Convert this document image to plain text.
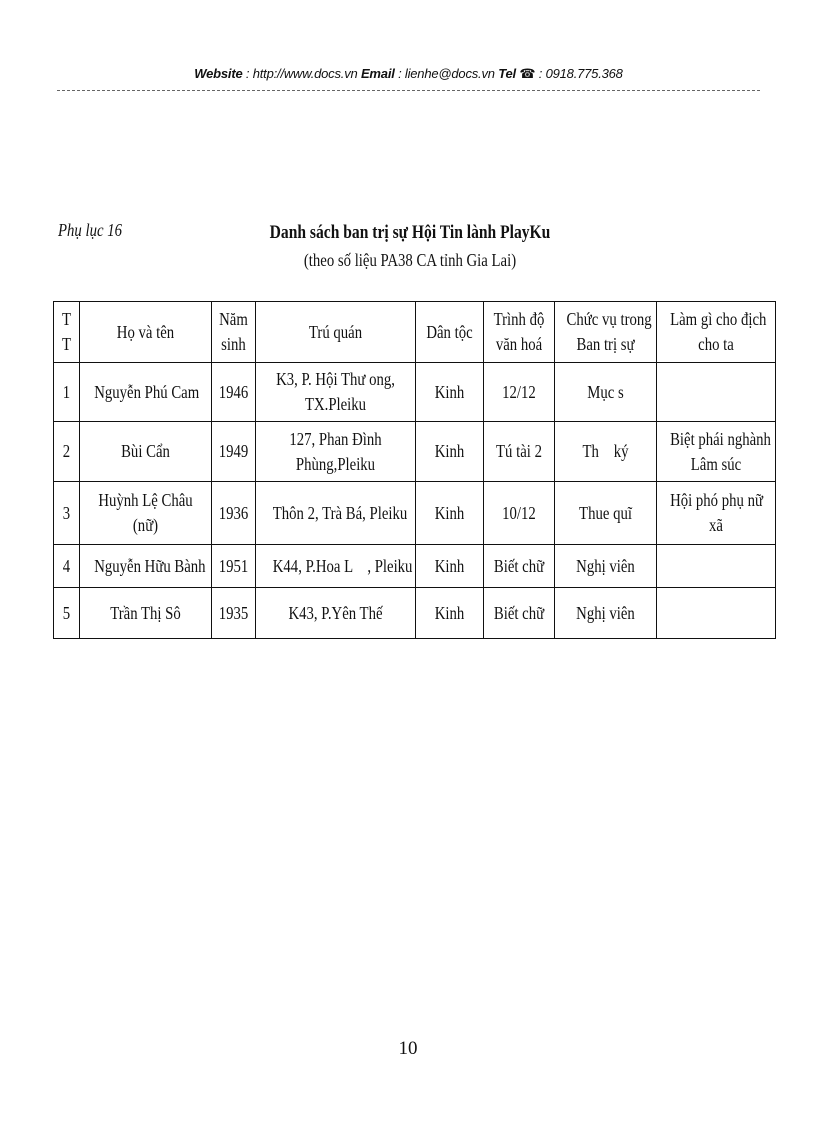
Website : http://www.docs.vn Email : lienhe@docs.vn Tel ☎ : 0918.775.368
Phụ lục 16	Danh sách ban trị sự Hội Tin lành PlayKu
(theo số liệu PA38 CA tỉnh Gia Lai)
T
T	Họ và tên	Năm
sinh	Trú quán	Dân tộc	Trình độ
văn hoá	Chức vụ trong
Ban trị sự	Làm gì cho địch
cho ta

1	Nguyễn Phú Cam	1946	K3, P. Hội Thư ong,
TX.Pleiku	Kinh	12/12	Mục s	

2	Bùi Cẩn	1949	127, Phan Đình
Phùng,Pleiku	Kinh	Tú tài 2	Th    ký	Biệt phái nghành
Lâm súc

3	Huỳnh Lệ Châu
(nữ)	1936	Thôn 2, Trà Bá, Pleiku	Kinh	10/12	Thue quĩ	Hội phó phụ nữ
xã

4	Nguyễn Hữu Bành	1951	K44, P.Hoa L    , Pleiku	Kinh	Biết chữ	Nghị viên	

5	Trần Thị Sô	1935	K43, P.Yên Thế	Kinh	Biết chữ	Nghị viên	

10
